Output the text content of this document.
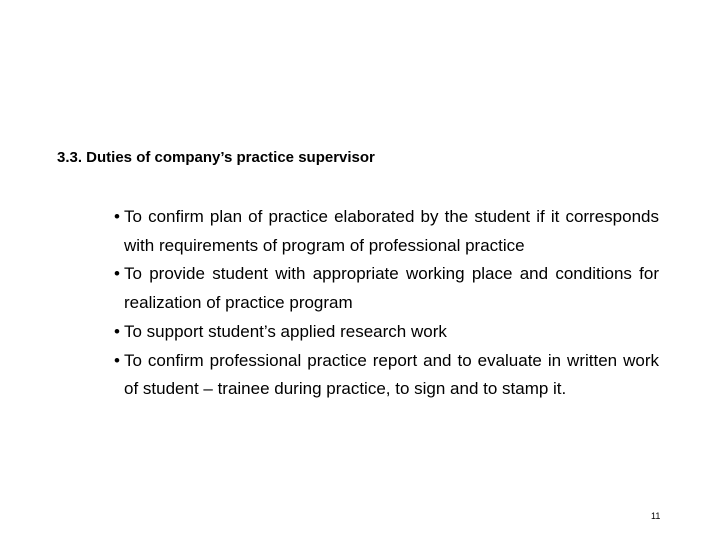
3.3. Duties of company’s practice supervisor
• To confirm plan of practice elaborated by the student if it corresponds with requirements of program of professional practice
• To provide student with appropriate working place and conditions for realization of practice program
• To support student’s applied research work
• To confirm professional practice report and to evaluate in written work of student – trainee during practice, to sign and to stamp it.
11
